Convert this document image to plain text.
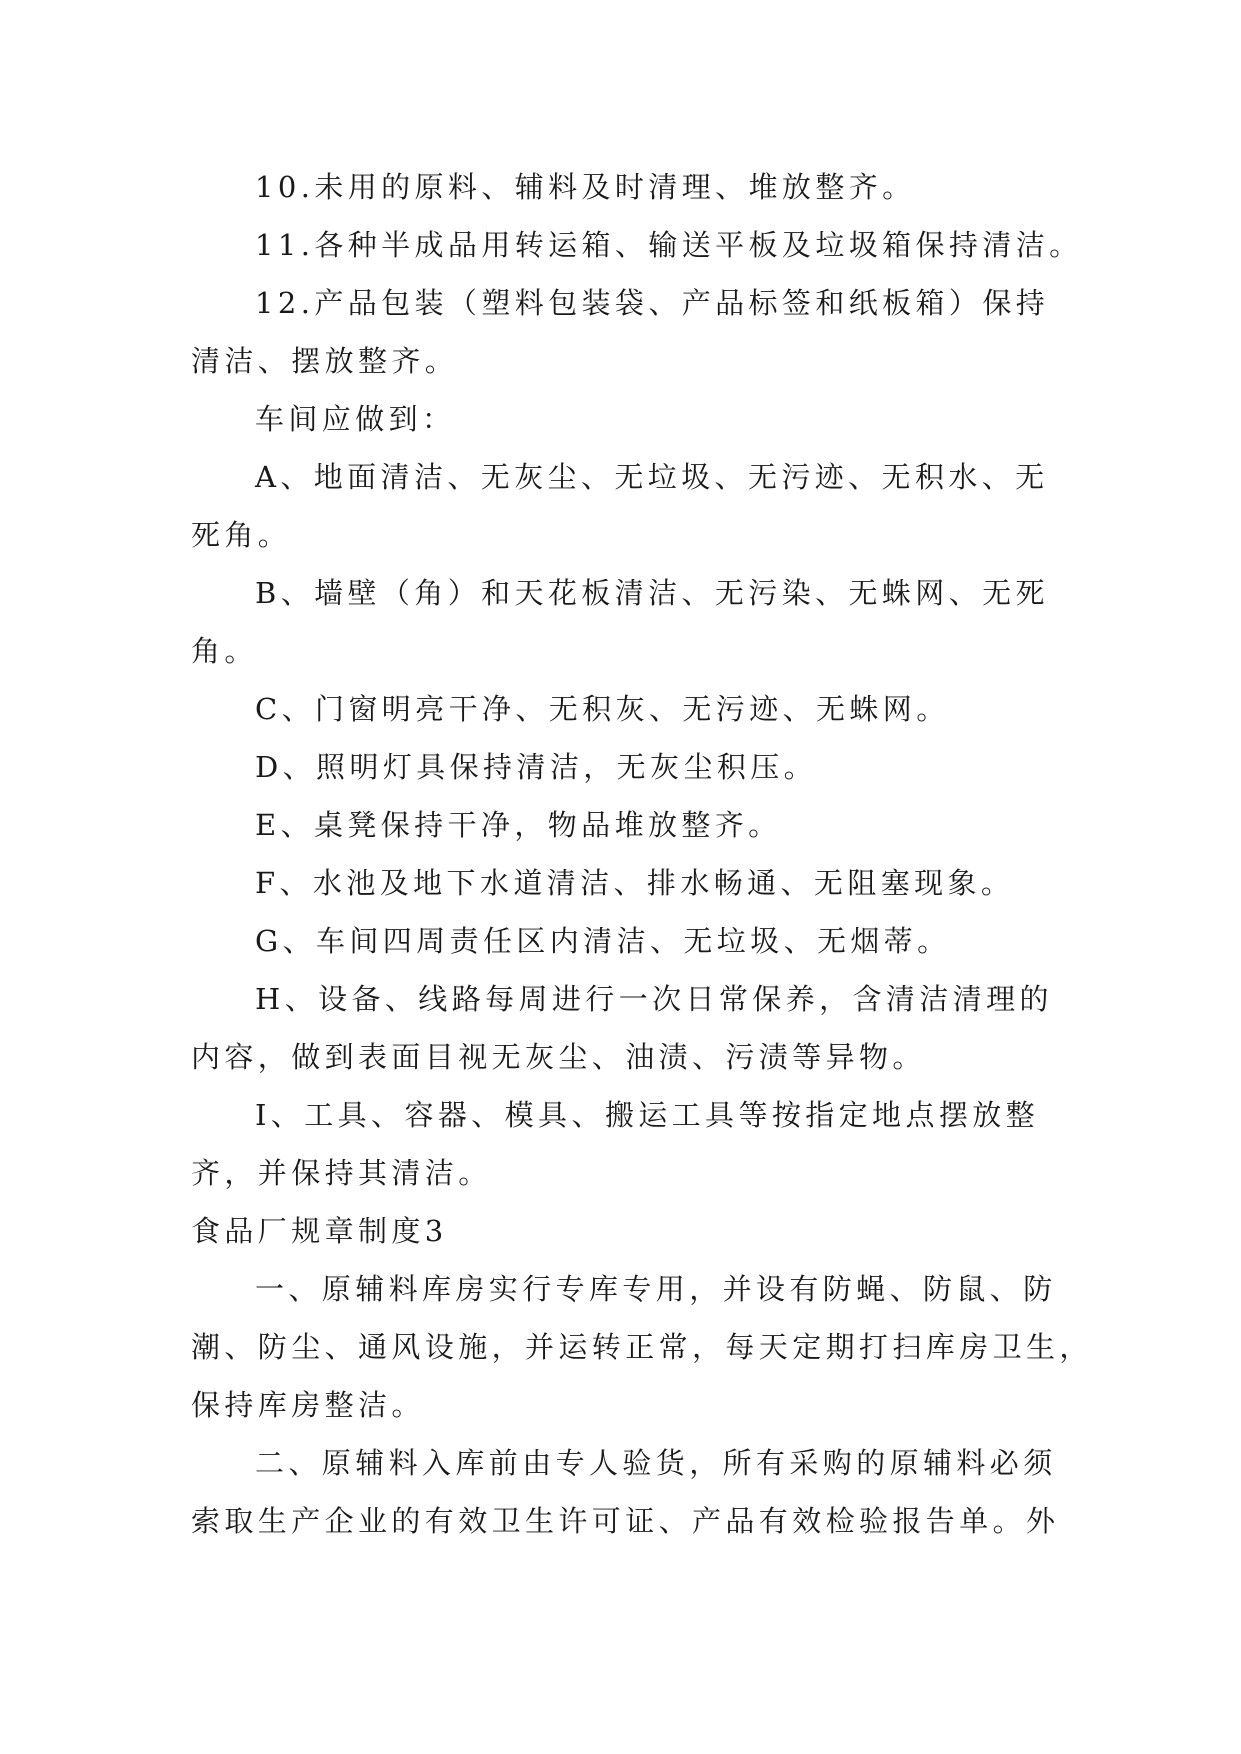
10.未用的原料、辅料及时清理、堆放整齐。

11.各种半成品用转运箱、输送平板及垃圾箱保持清洁。

12.产品包装（塑料包装袋、产品标签和纸板箱）保持

清洁、摆放整齐。

车间应做到：

A、地面清洁、无灰尘、无垃圾、无污迹、无积水、无

死角。

B、墙壁（角）和天花板清洁、无污染、无蛛网、无死

角。

C、门窗明亮干净、无积灰、无污迹、无蛛网。

D、照明灯具保持清洁，无灰尘积压。

E、桌凳保持干净，物品堆放整齐。

F、水池及地下水道清洁、排水畅通、无阻塞现象。

G、车间四周责任区内清洁、无垃圾、无烟蒂。

H、设备、线路每周进行一次日常保养，含清洁清理的

内容，做到表面目视无灰尘、油渍、污渍等异物。

I、工具、容器、模具、搬运工具等按指定地点摆放整

齐，并保持其清洁。

食品厂规章制度3

一、原辅料库房实行专库专用，并设有防蝇、防鼠、防

潮、防尘、通风设施，并运转正常，每天定期打扫库房卫生，

保持库房整洁。

二、原辅料入库前由专人验货，所有采购的原辅料必须

索取生产企业的有效卫生许可证、产品有效检验报告单。外
